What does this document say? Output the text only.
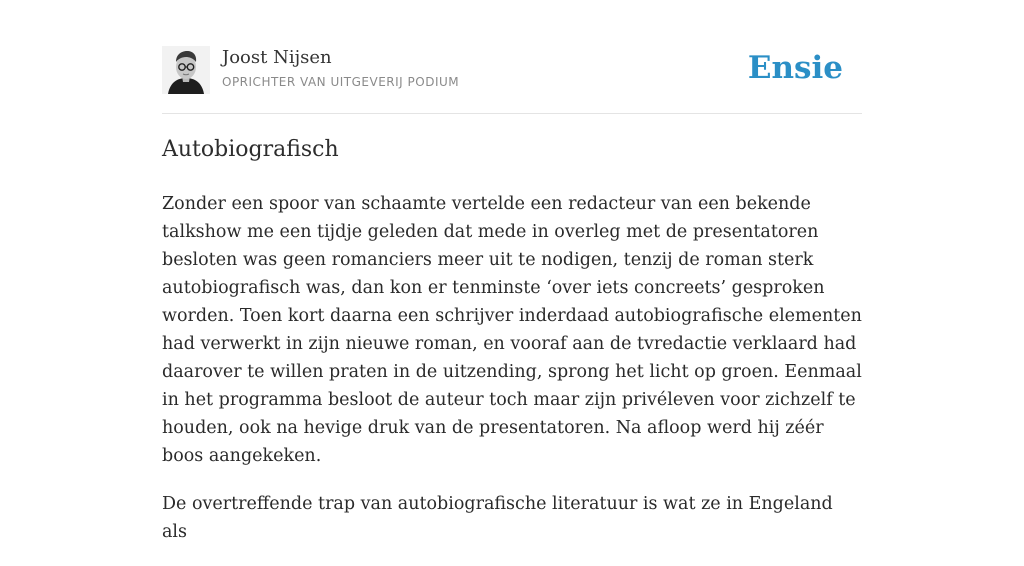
Joost Nijsen
OPRICHTER VAN UITGEVERIJ PODIUM	Ensie
Autobiografisch

Zonder een spoor van schaamte vertelde een redacteur van een bekende talkshow me een tijdje geleden dat mede in overleg met de presentatoren besloten was geen romanciers meer uit te nodigen, tenzij de roman sterk autobiografisch was, dan kon er tenminste ‘over iets concreets’ gesproken worden. Toen kort daarna een schrijver inderdaad autobiografische elementen had verwerkt in zijn nieuwe roman, en vooraf aan de tvredactie verklaard had daarover te willen praten in de uitzending, sprong het licht op groen. Eenmaal in het programma besloot de auteur toch maar zijn privéleven voor zichzelf te houden, ook na hevige druk van de presentatoren. Na afloop werd hij zéér boos aangekeken.

De overtreffende trap van autobiografische literatuur is wat ze in Engeland als
